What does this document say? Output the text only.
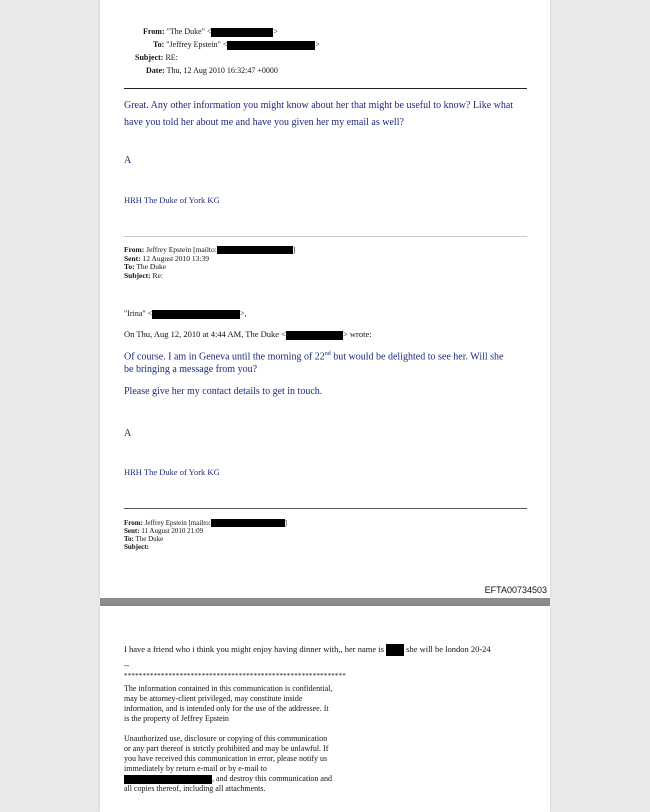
From: "The Duke" <	>
To: "Jeffrey Epstein" <	>
Subject: RE:
Date: Thu, 12 Aug 2010 16:32:47 +0000
Great. Any other information you might know about her that might be useful to know? Like what have you told her about me and have you given her my email as well?
A
HRH The Duke of York KG
From: Jeffrey Epstein [mailto:	]
Sent: 12 August 2010 13:39
To: The Duke
Subject: Re:
"Irina" <	>,
On Thu, Aug 12, 2010 at 4:44 AM, The Duke <	> wrote:
Of course. I am in Geneva until the morning of 22nd but would be delighted to see her. Will she
be bringing a message from you?
Please give her my contact details to get in touch.
A
HRH The Duke of York KG
From: Jeffrey Epstein [mailto:	]
Sent: 11 August 2010 21:09
To: The Duke
Subject:
EFTA00734503
I have a friend who i think you might enjoy having dinner with,, her name is	she will be london 20-24
--
************************************************************
The information contained in this communication is confidential, may be attorney-client privileged, may constitute inside information, and is intended only for the use of the addressee. It is the property of Jeffrey Epstein
Unauthorized use, disclosure or copying of this communication or any part thereof is strictly prohibited and may be unlawful. If you have received this communication in error, please notify us immediately by return e-mail or by e-mail to , and destroy this communication and all copies thereof, including all attachments.
